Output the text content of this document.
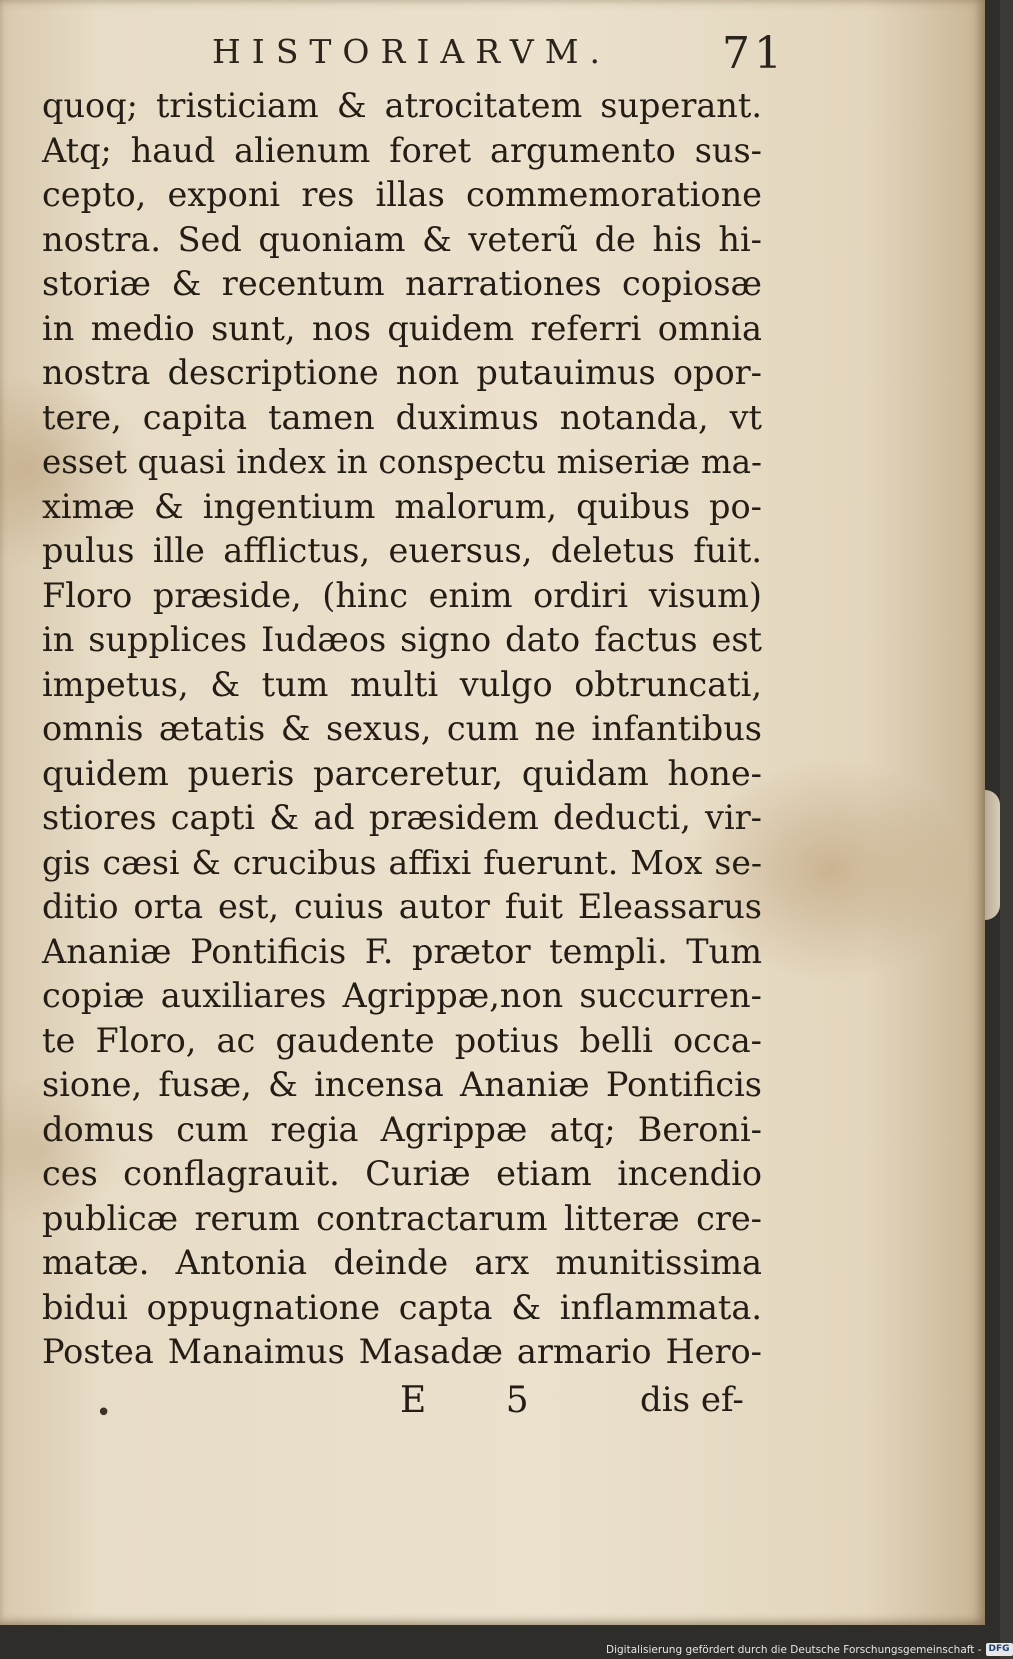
HISTORIARVM.	71
quoq; tristiciam & atrocitatem superant.
Atq; haud alienum foret argumento sus-
cepto, exponi res illas commemoratione
nostra. Sed quoniam & veterũ de his hi-
storiæ & recentum narrationes copiosæ
in medio sunt, nos quidem referri omnia
nostra descriptione non putauimus opor-
tere, capita tamen duximus notanda, vt
esset quasi index in conspectu miseriæ ma-
ximæ & ingentium malorum, quibus po-
pulus ille afflictus, euersus, deletus fuit.
Floro præside, (hinc enim ordiri visum)
in supplices Iudæos signo dato factus est
impetus, & tum multi vulgo obtruncati,
omnis ætatis & sexus, cum ne infantibus
quidem pueris parceretur, quidam hone-
stiores capti & ad præsidem deducti, vir-
gis cæsi & crucibus affixi fuerunt. Mox se-
ditio orta est, cuius autor fuit Eleassarus
Ananiæ Pontificis F. prætor templi. Tum
copiæ auxiliares Agrippæ,non succurren-
te Floro, ac gaudente potius belli occa-
sione, fusæ, & incensa Ananiæ Pontificis
domus cum regia Agrippæ atq; Beroni-
ces conflagrauit. Curiæ etiam incendio
publicæ rerum contractarum litteræ cre-
matæ. Antonia deinde arx munitissima
bidui oppugnatione capta & inflammata.
Postea Manaimus Masadæ armario Hero-
•	E 5 dis ef-
Digitalisierung gefördert durch die Deutsche Forschungsgemeinschaft - DFG
